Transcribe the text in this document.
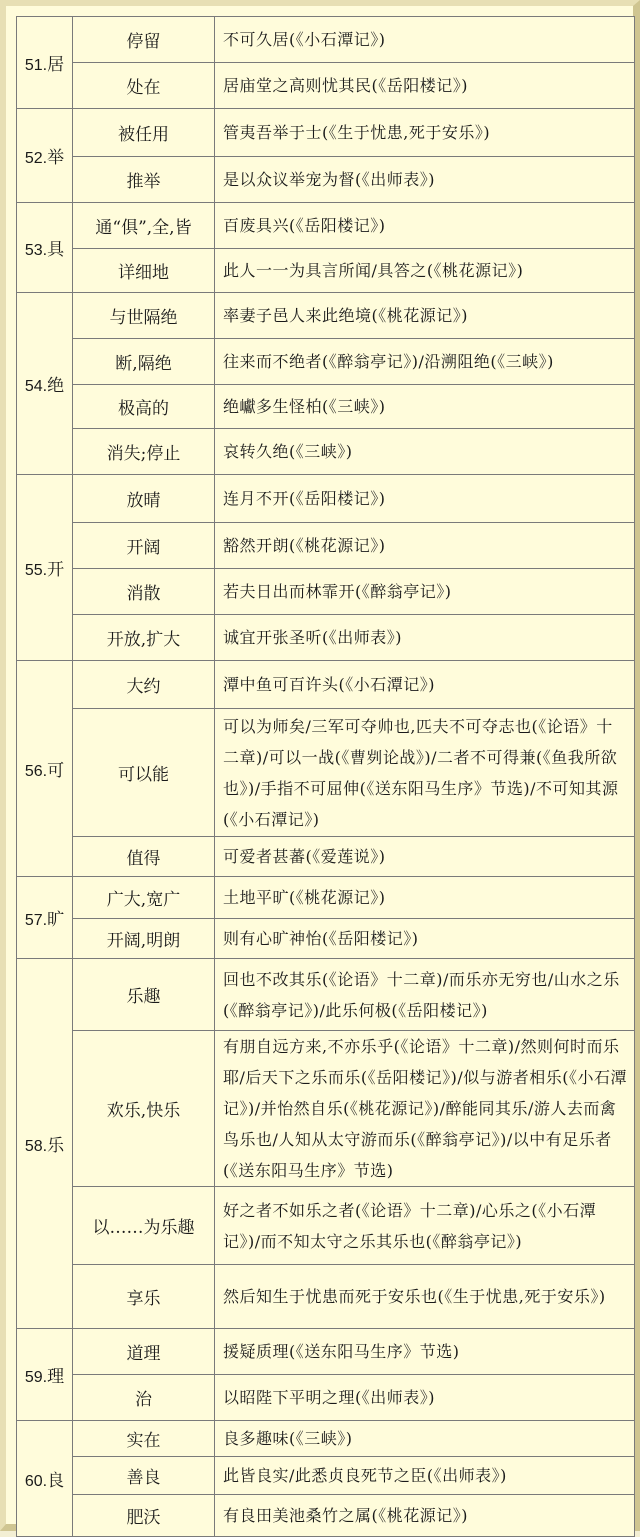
51.居	停留	不可久居(《小石潭记》)
	处在	居庙堂之高则忧其民(《岳阳楼记》)
52.举	被任用	管夷吾举于士(《生于忧患,死于安乐》)
	推举	是以众议举宠为督(《出师表》)
53.具	通“俱”,全,皆	百废具兴(《岳阳楼记》)
	详细地	此人一一为具言所闻/具答之(《桃花源记》)
54.绝	与世隔绝	率妻子邑人来此绝境(《桃花源记》)
	断,隔绝	往来而不绝者(《醉翁亭记》)/沿溯阻绝(《三峡》)
	极高的	绝巘多生怪柏(《三峡》)
	消失;停止	哀转久绝(《三峡》)
55.开	放晴	连月不开(《岳阳楼记》)
	开阔	豁然开朗(《桃花源记》)
	消散	若夫日出而林霏开(《醉翁亭记》)
	开放,扩大	诚宜开张圣听(《出师表》)
56.可	大约	潭中鱼可百许头(《小石潭记》)
	可以能	可以为师矣/三军可夺帅也,匹夫不可夺志也(《论语》十二章)/可以一战(《曹刿论战》)/二者不可得兼(《鱼我所欲也》)/手指不可屈伸(《送东阳马生序》节选)/不可知其源(《小石潭记》)
	值得	可爱者甚蕃(《爱莲说》)
57.旷	广大,宽广	土地平旷(《桃花源记》)
	开阔,明朗	则有心旷神怡(《岳阳楼记》)
58.乐	乐趣	回也不改其乐(《论语》十二章)/而乐亦无穷也/山水之乐(《醉翁亭记》)/此乐何极(《岳阳楼记》)
	欢乐,快乐	有朋自远方来,不亦乐乎(《论语》十二章)/然则何时而乐耶/后天下之乐而乐(《岳阳楼记》)/似与游者相乐(《小石潭记》)/并怡然自乐(《桃花源记》)/醉能同其乐/游人去而禽鸟乐也/人知从太守游而乐(《醉翁亭记》)/以中有足乐者(《送东阳马生序》节选)
	以……为乐趣	好之者不如乐之者(《论语》十二章)/心乐之(《小石潭记》)/而不知太守之乐其乐也(《醉翁亭记》)
	享乐	然后知生于忧患而死于安乐也(《生于忧患,死于安乐》)
59.理	道理	援疑质理(《送东阳马生序》节选)
	治	以昭陛下平明之理(《出师表》)
60.良	实在	良多趣味(《三峡》)
	善良	此皆良实/此悉贞良死节之臣(《出师表》)
	肥沃	有良田美池桑竹之属(《桃花源记》)
